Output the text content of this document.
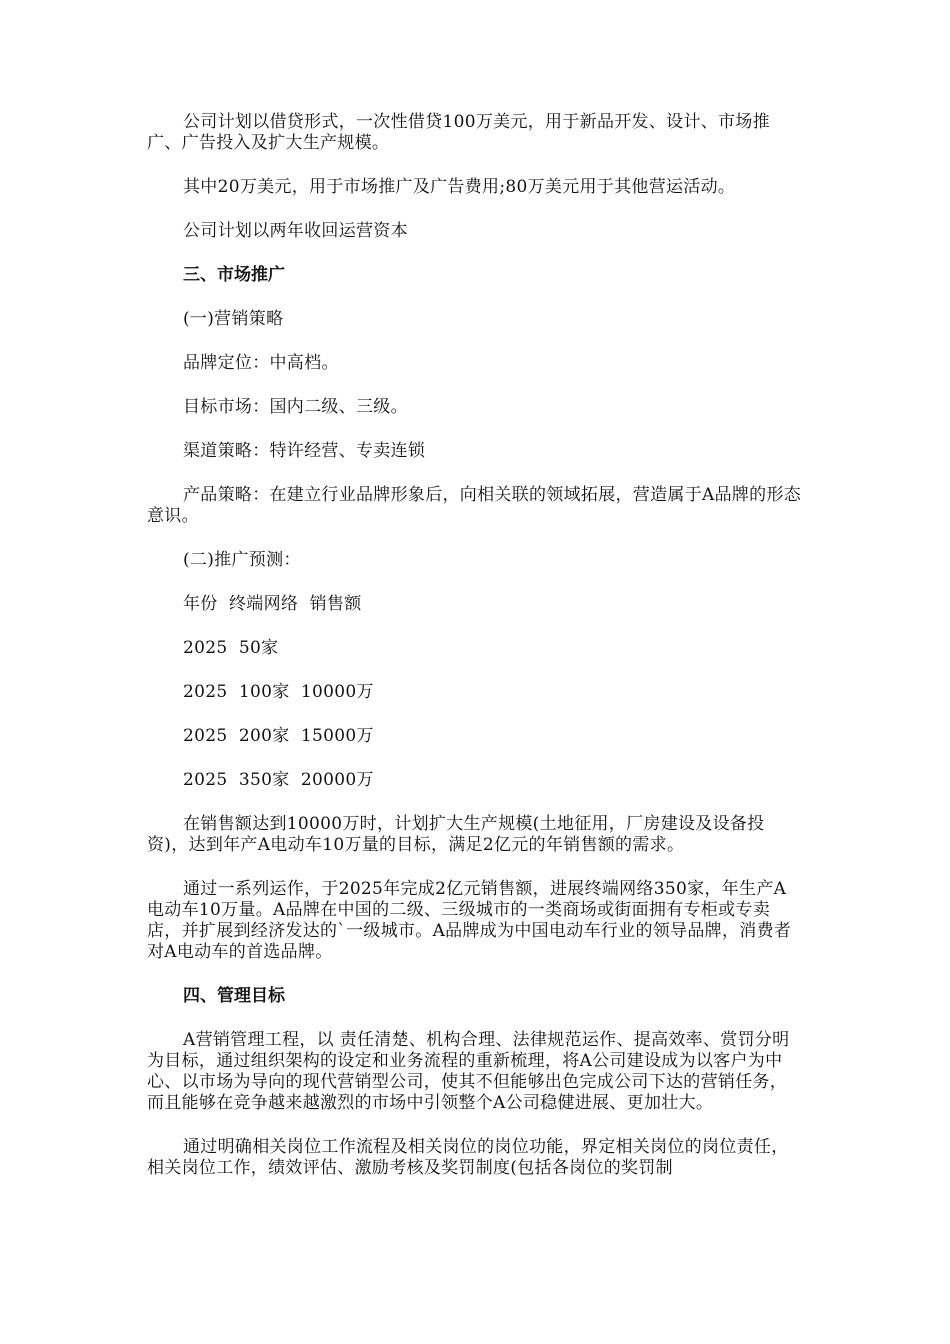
公司计划以借贷形式，一次性借贷100万美元，用于新品开发、设计、市场推广、广告投入及扩大生产规模。

其中20万美元，用于市场推广及广告费用;80万美元用于其他营运活动。

公司计划以两年收回运营资本

三、市场推广

(一)营销策略

品牌定位：中高档。

目标市场：国内二级、三级。

渠道策略：特许经营、专卖连锁

产品策略：在建立行业品牌形象后，向相关联的领域拓展，营造属于A品牌的形态意识。

(二)推广预测：

年份  终端网络  销售额

2025  50家

2025  100家  10000万

2025  200家  15000万

2025  350家  20000万

在销售额达到10000万时，计划扩大生产规模(土地征用，厂房建设及设备投资)，达到年产A电动车10万量的目标，满足2亿元的年销售额的需求。

通过一系列运作，于2025年完成2亿元销售额，进展终端网络350家，年生产A电动车10万量。A品牌在中国的二级、三级城市的一类商场或街面拥有专柜或专卖店，并扩展到经济发达的`一级城市。A品牌成为中国电动车行业的领导品牌，消费者对A电动车的首选品牌。

四、管理目标

A营销管理工程，以 责任清楚、机构合理、法律规范运作、提高效率、赏罚分明为目标，通过组织架构的设定和业务流程的重新梳理，将A公司建设成为以客户为中心、以市场为导向的现代营销型公司，使其不但能够出色完成公司下达的营销任务，而且能够在竞争越来越激烈的市场中引领整个A公司稳健进展、更加壮大。

通过明确相关岗位工作流程及相关岗位的岗位功能，界定相关岗位的岗位责任，相关岗位工作，绩效评估、激励考核及奖罚制度(包括各岗位的奖罚制
